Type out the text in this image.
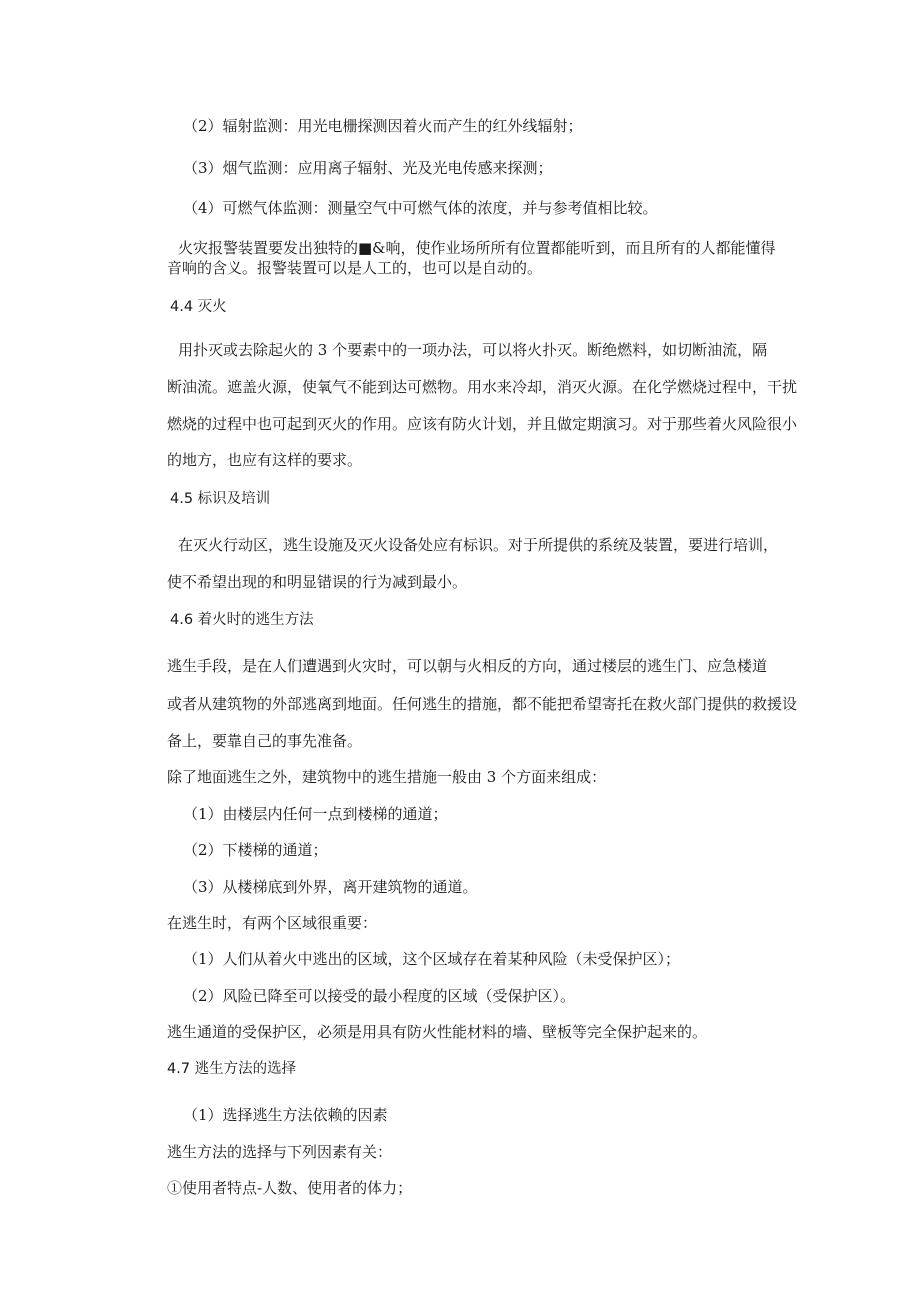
（2）辐射监测：用光电栅探测因着火而产生的红外线辐射；

（3）烟气监测：应用离子辐射、光及光电传感来探测；

（4）可燃气体监测：测量空气中可燃气体的浓度，并与参考值相比较。

火灾报警装置要发出独特的■&响，使作业场所所有位置都能听到，而且所有的人都能懂得

音响的含义。报警装置可以是人工的，也可以是自动的。

4.4 灭火

用扑灭或去除起火的 3 个要素中的一项办法，可以将火扑灭。断绝燃料，如切断油流，隔

断油流。遮盖火源，使氧气不能到达可燃物。用水来冷却，消灭火源。在化学燃烧过程中，干扰

燃烧的过程中也可起到灭火的作用。应该有防火计划，并且做定期演习。对于那些着火风险很小

的地方，也应有这样的要求。

4.5 标识及培训

在灭火行动区，逃生设施及灭火设备处应有标识。对于所提供的系统及装置，要进行培训，

使不希望出现的和明显错误的行为减到最小。

4.6 着火时的逃生方法

逃生手段，是在人们遭遇到火灾时，可以朝与火相反的方向，通过楼层的逃生门、应急楼道

或者从建筑物的外部逃离到地面。任何逃生的措施，都不能把希望寄托在救火部门提供的救援设

备上，要靠自己的事先准备。

除了地面逃生之外，建筑物中的逃生措施一般由 3 个方面来组成：

（1）由楼层内任何一点到楼梯的通道；

（2）下楼梯的通道；

（3）从楼梯底到外界，离开建筑物的通道。

在逃生时，有两个区域很重要：

（1）人们从着火中逃出的区域，这个区域存在着某种风险（未受保护区）；

（2）风险已降至可以接受的最小程度的区域（受保护区）。

逃生通道的受保护区，必须是用具有防火性能材料的墙、壁板等完全保护起来的。

4.7 逃生方法的选择

（1）选择逃生方法依赖的因素

逃生方法的选择与下列因素有关：

①使用者特点-人数、使用者的体力；
